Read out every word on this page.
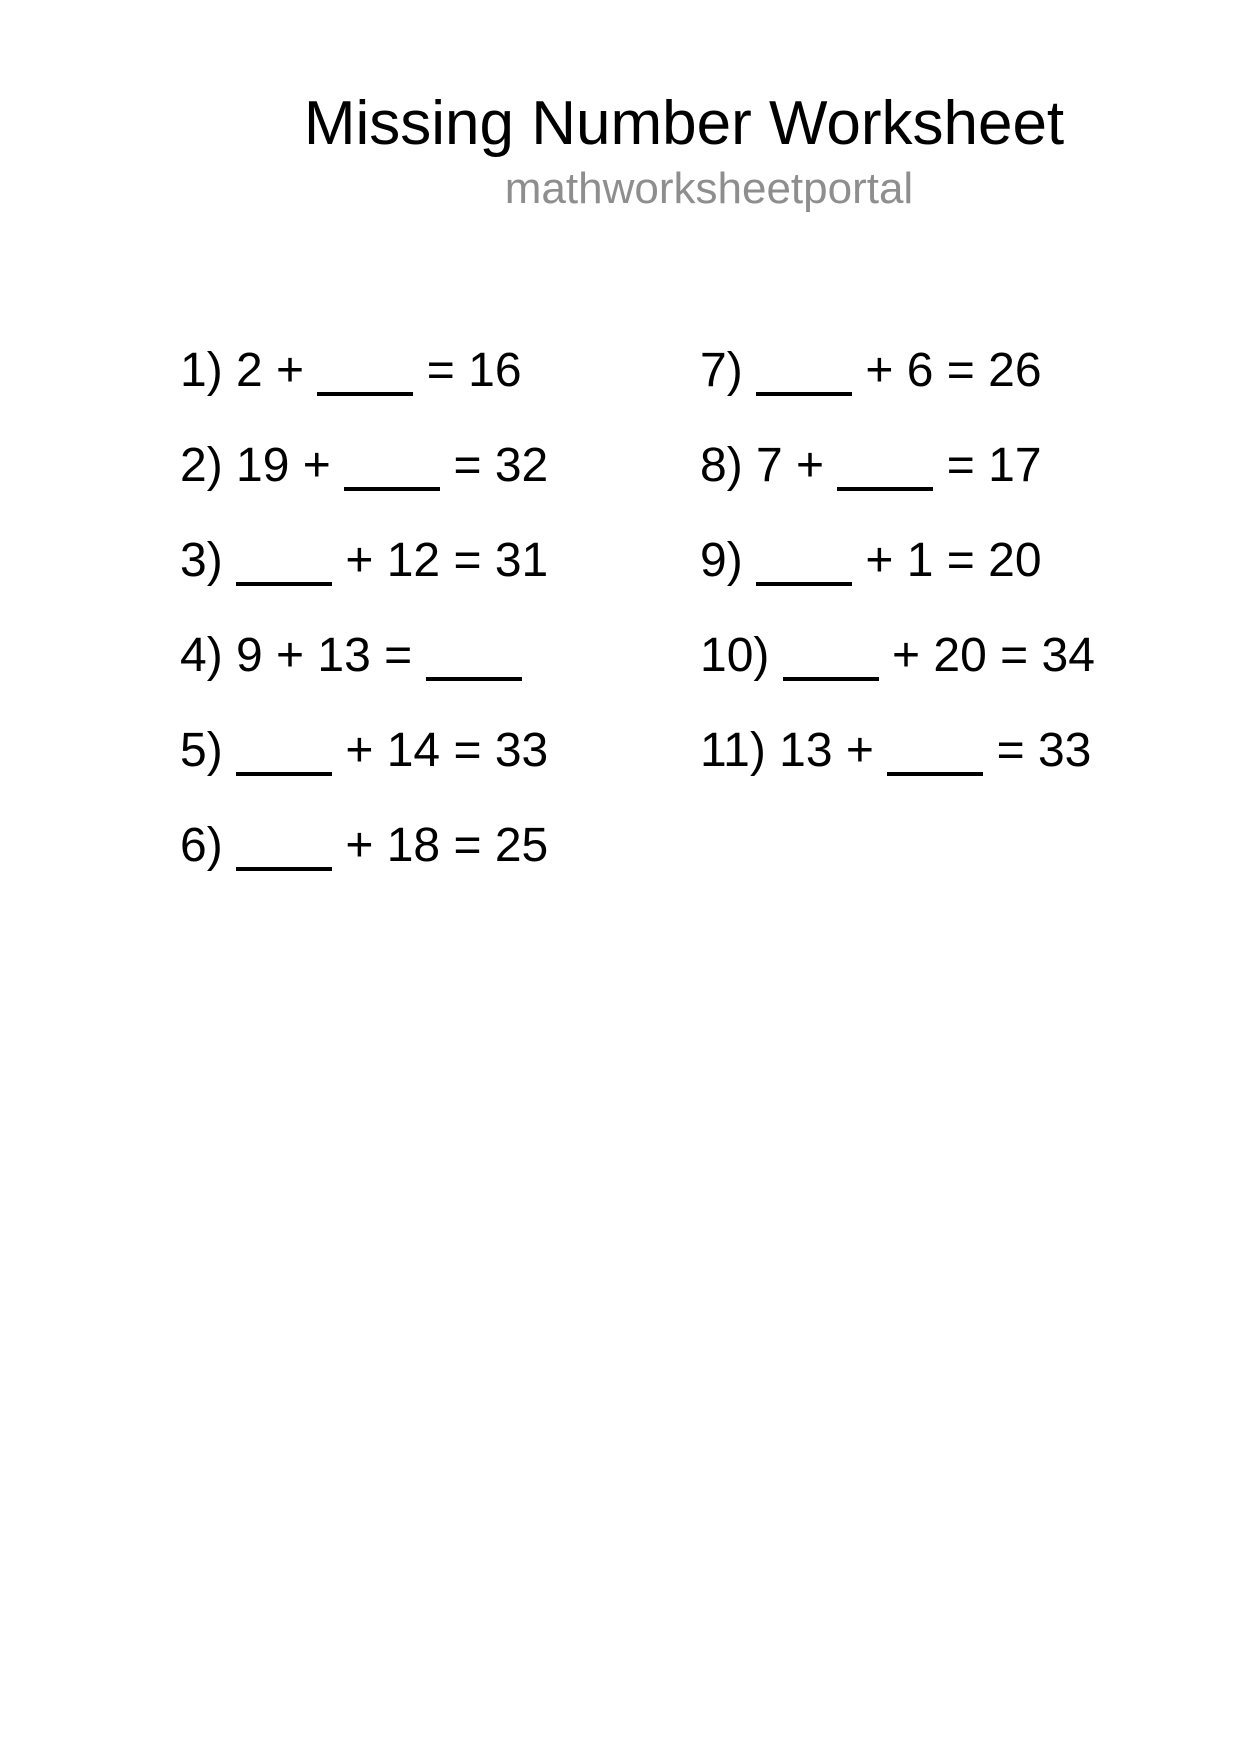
Missing Number Worksheet
mathworksheetportal
1) 2 +  = 16
2) 19 +  = 32
3)  + 12 = 31
4) 9 + 13 =
5)  + 14 = 33
6)  + 18 = 25
7)  + 6 = 26
8) 7 +  = 17
9)  + 1 = 20
10)  + 20 = 34
11) 13 +  = 33
